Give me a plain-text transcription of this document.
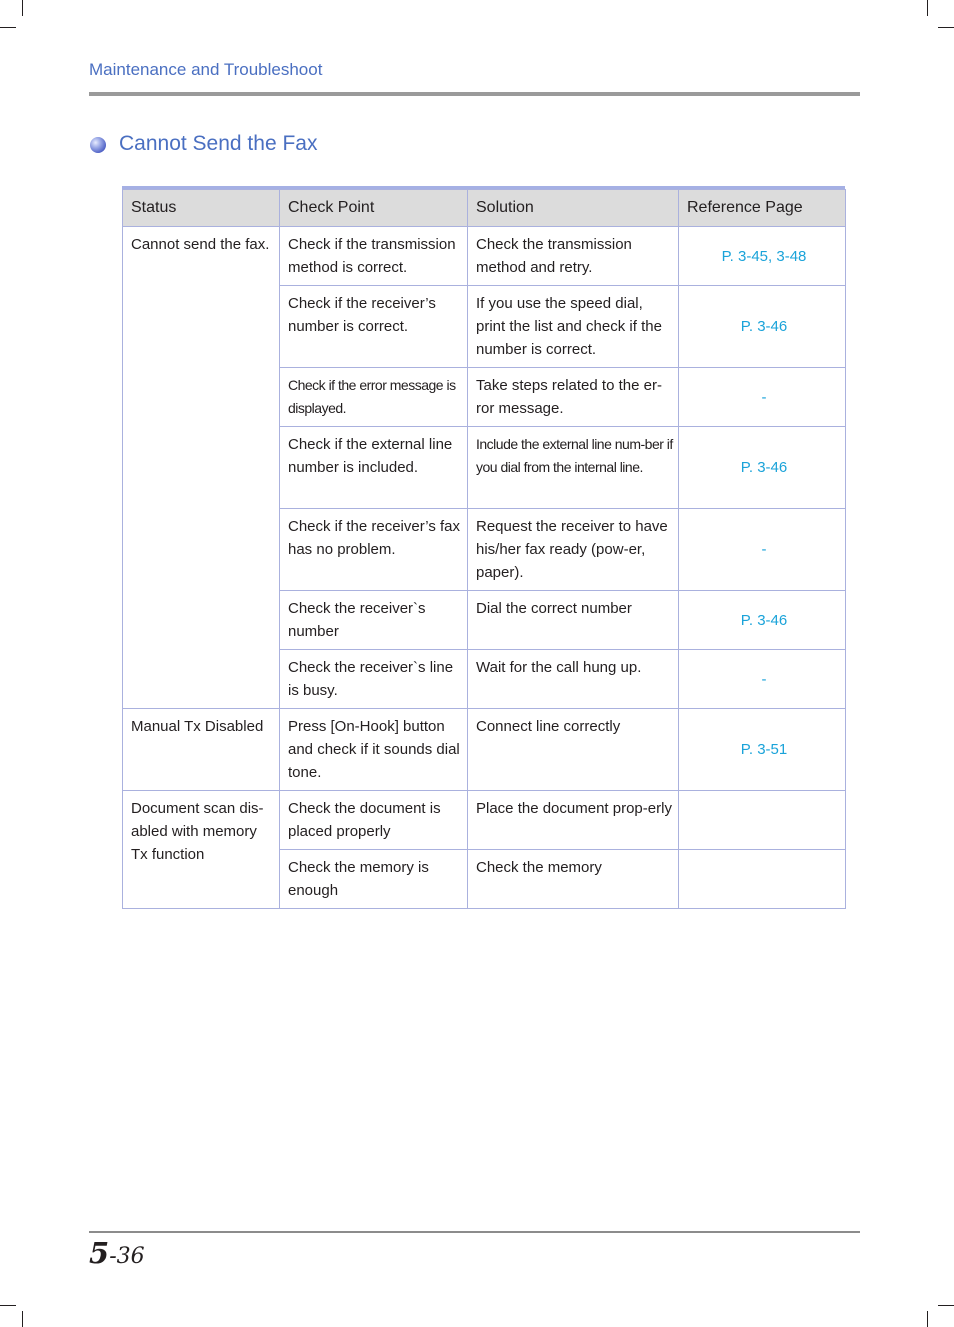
Maintenance and Troubleshoot
Cannot Send the Fax
Status	Check Point	Solution	Reference Page
Cannot send the fax.	Check if the transmission method is correct.	Check the transmission method and retry.	P. 3-45, 3-48
	Check if the receiver’s number is correct.	If you use the speed dial, print the list and check if the number is correct.	P. 3-46
	Check if the error message is displayed.	Take steps related to the er-ror message.	-
	Check if the external line number is included.	Include the external line num-ber if you dial from the internal line.	P. 3-46
	Check if the receiver’s fax has no problem.	Request the receiver to have his/her fax ready (pow-er, paper).	-
	Check the receiver`s number	Dial the correct number	P. 3-46
	Check the receiver`s line is busy.	Wait for the call hung up.	-
Manual Tx Disabled	Press [On-Hook] button and check if it sounds dial tone.	Connect line correctly	P. 3-51
Document scan dis-abled with memory Tx function	Check the document is placed properly	Place the document prop-erly	
	Check the memory is enough	Check the memory	
5 - 36
